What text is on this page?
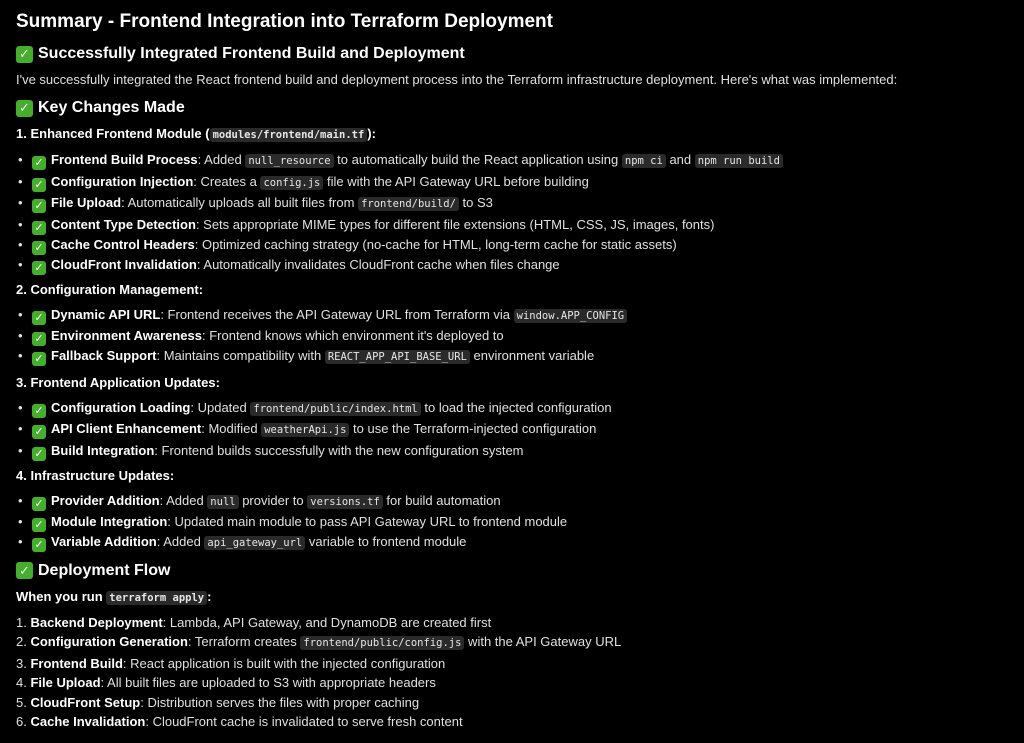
Summary - Frontend Integration into Terraform Deployment
✓ Successfully Integrated Frontend Build and Deployment

I've successfully integrated the React frontend build and deployment process into the Terraform infrastructure deployment. Here's what was implemented:

✓ Key Changes Made
1. Enhanced Frontend Module ( modules/frontend/main.tf ):
• ✓ Frontend Build Process: Added null_resource to automatically build the React application using npm ci and npm run build
• ✓ Configuration Injection: Creates a config.js file with the API Gateway URL before building
• ✓ File Upload: Automatically uploads all built files from frontend/build/ to S3
• ✓ Content Type Detection: Sets appropriate MIME types for different file extensions (HTML, CSS, JS, images, fonts)
• ✓ Cache Control Headers: Optimized caching strategy (no-cache for HTML, long-term cache for static assets)
• ✓ CloudFront Invalidation: Automatically invalidates CloudFront cache when files change
2. Configuration Management:
• ✓ Dynamic API URL: Frontend receives the API Gateway URL from Terraform via window.APP_CONFIG
• ✓ Environment Awareness: Frontend knows which environment it's deployed to
• ✓ Fallback Support: Maintains compatibility with REACT_APP_API_BASE_URL environment variable
3. Frontend Application Updates:
• ✓ Configuration Loading: Updated frontend/public/index.html to load the injected configuration
• ✓ API Client Enhancement: Modified weatherApi.js to use the Terraform-injected configuration
• ✓ Build Integration: Frontend builds successfully with the new configuration system
4. Infrastructure Updates:
• ✓ Provider Addition: Added null provider to versions.tf for build automation
• ✓ Module Integration: Updated main module to pass API Gateway URL to frontend module
• ✓ Variable Addition: Added api_gateway_url variable to frontend module
✓ Deployment Flow
When you run terraform apply :
1. Backend Deployment: Lambda, API Gateway, and DynamoDB are created first
2. Configuration Generation: Terraform creates frontend/public/config.js with the API Gateway URL
3. Frontend Build: React application is built with the injected configuration
4. File Upload: All built files are uploaded to S3 with appropriate headers
5. CloudFront Setup: Distribution serves the files with proper caching
6. Cache Invalidation: CloudFront cache is invalidated to serve fresh content
